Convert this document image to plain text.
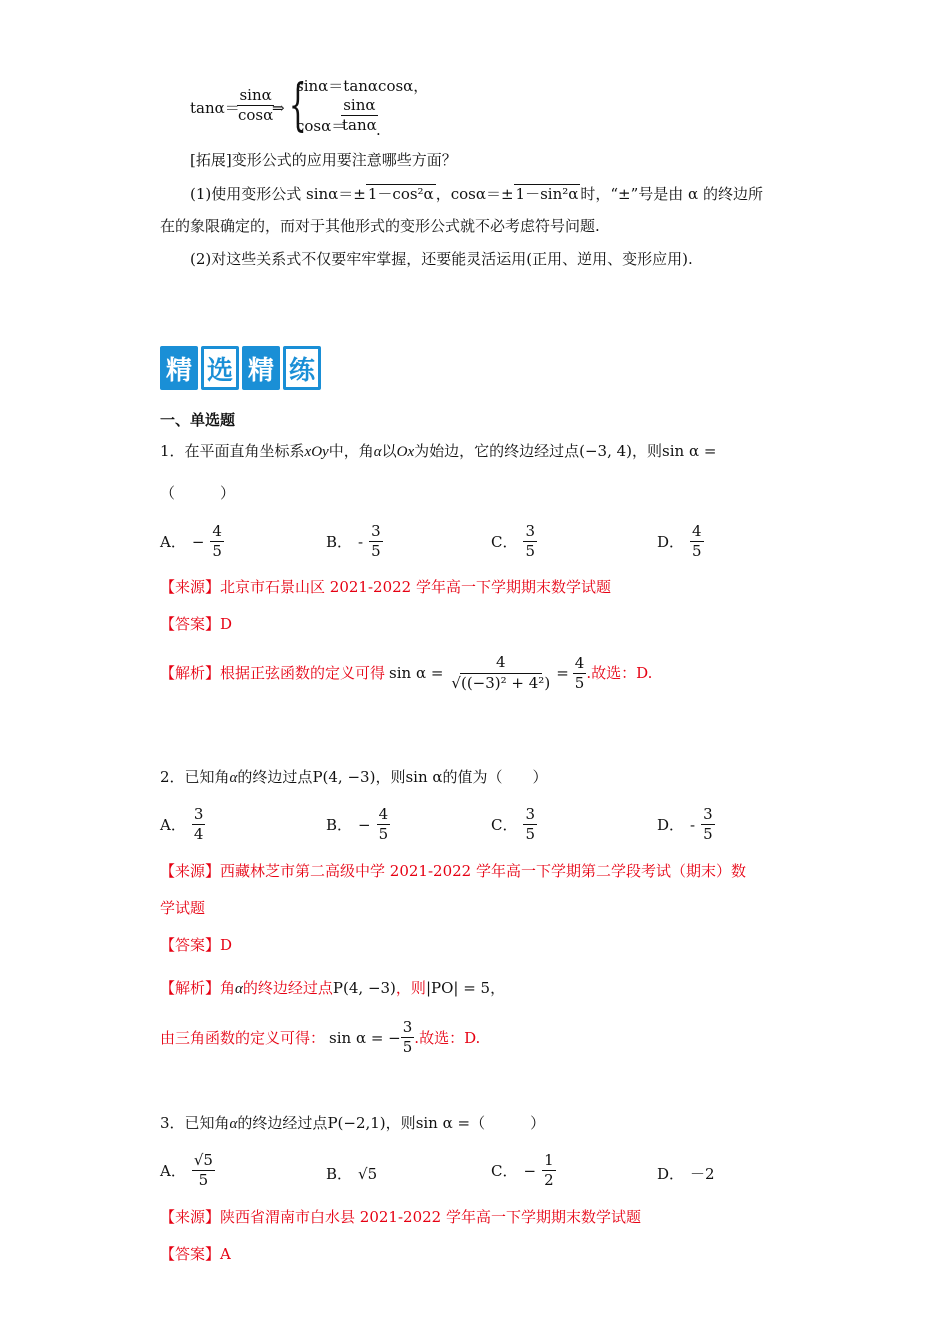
tanα＝
$\frac{\sin\alpha}{\cos\alpha}$
⇒ {
sinα＝tanαcosα，
cosα＝
$\frac{\sin\alpha}{\tan\alpha}$
.
[拓展]变形公式的应用要注意哪些方面？
(1)使用变形公式 sinα＝± 1－cos²α ，cosα＝± 1－sin²α 时，“±”号是由 α 的终边所
在的象限确定的，而对于其他形式的变形公式就不必考虑符号问题.
(2)对这些关系式不仅要牢牢掌握，还要能灵活运用(正用、逆用、变形应用).
精 选 精 练
一、单选题
1．在平面直角坐标系xOy中，角α以Ox为始边，它的终边经过点(−3, 4)，则sin α =
（　　　）
A． − $\frac{4}{5}$	B． - $\frac{3}{5}$	C． $\frac{3}{5}$	D． $\frac{4}{5}$
【来源】北京市石景山区 2021-2022 学年高一下学期期末数学试题
【答案】D
【解析】 根据正弦函数的定义可得 $\sin \alpha = \frac{4}{\text{√((−3)² + 4²)}} = \frac{4}{5}$ .故选：D.
2．已知角α的终边过点P(4, −3)，则sin α的值为（　　）
A． $\frac{3}{4}$	B． − $\frac{4}{5}$	C． $\frac{3}{5}$	D． - $\frac{3}{5}$
【来源】西藏林芝市第二高级中学 2021-2022 学年高一下学期第二学段考试（期末）数
学试题
【答案】D
【解析】角α的终边经过点P(4, −3)，则|PO| = 5，
由三角函数的定义可得： sin α = − $\frac{3}{5}$ .故选：D.
3．已知角α的终边经过点P(−2,1)，则sin α =（　　　）
A． $\frac{√5}{5}$	B． √5	C． − $\frac{1}{2}$	D． －2
【来源】陕西省渭南市白水县 2021-2022 学年高一下学期期末数学试题
【答案】A
